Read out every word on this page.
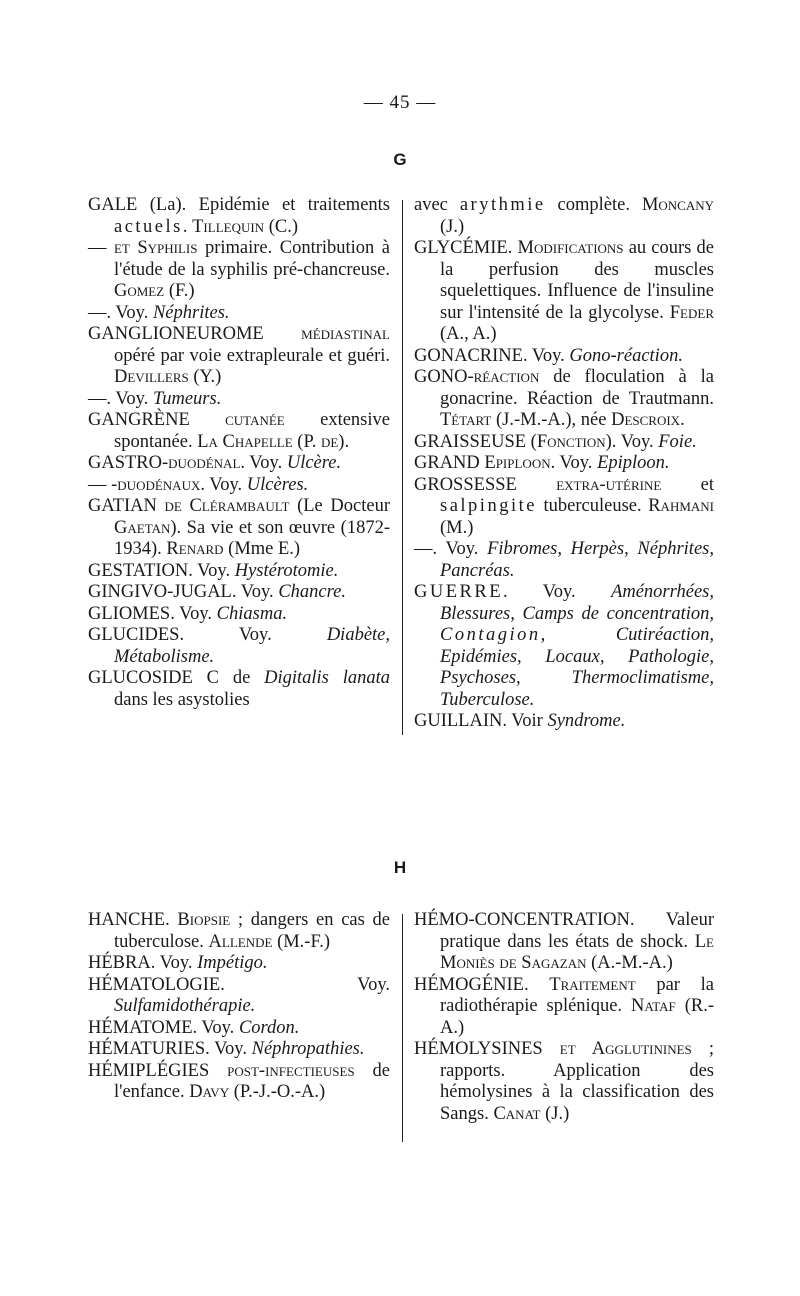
— 45 —
G

GALE (La). Epidémie et traitements actuels. Tillequin (C.)

— et Syphilis primaire. Contribution à l'étude de la syphilis pré-chancreuse. Gomez (F.)

—. Voy. Néphrites.

GANGLIONEUROME médiastinal opéré par voie extrapleurale et guéri. Devillers (Y.)

—. Voy. Tumeurs.

GANGRÈNE cutanée extensive spontanée. La Chapelle (P. de).

GASTRO-duodénal. Voy. Ulcère.

— -duodénaux. Voy. Ulcères.

GATIAN de Clérambault (Le Docteur Gaetan). Sa vie et son œuvre (1872-1934). Renard (Mme E.)

GESTATION. Voy. Hystérotomie.

GINGIVO-JUGAL. Voy. Chancre.

GLIOMES. Voy. Chiasma.

GLUCIDES. Voy. Diabète, Métabolisme.

GLUCOSIDE C de Digitalis lanata dans les asystolies

avec arythmie complète. Moncany (J.)

GLYCÉMIE. Modifications au cours de la perfusion des muscles squelettiques. Influence de l'insuline sur l'intensité de la glycolyse. Feder (A., A.)

GONACRINE. Voy. Gono-réaction.

GONO-réaction de floculation à la gonacrine. Réaction de Trautmann. Tétart (J.-M.-A.), née Descroix.

GRAISSEUSE (Fonction). Voy. Foie.

GRAND Epiploon. Voy. Epiploon.

GROSSESSE extra-utérine et salpingite tuberculeuse. Rahmani (M.)

—. Voy. Fibromes, Herpès, Néphrites, Pancréas.

GUERRE. Voy. Aménorrhées, Blessures, Camps de concentration, Contagion, Cutiréaction, Epidémies, Locaux, Pathologie, Psychoses, Thermoclimatisme, Tuberculose.

GUILLAIN. Voir Syndrome.

H

HANCHE. Biopsie ; dangers en cas de tuberculose. Allende (M.-F.)

HÉBRA. Voy. Impétigo.

HÉMATOLOGIE. Voy. Sulfamidothérapie.

HÉMATOME. Voy. Cordon.

HÉMATURIES. Voy. Néphropathies.

HÉMIPLÉGIES post-infectieuses de l'enfance. Davy (P.-J.-O.-A.)

HÉMO-CONCENTRATION. Valeur pratique dans les états de shock. Le Moniès de Sagazan (A.-M.-A.)

HÉMOGÉNIE. Traitement par la radiothérapie splénique. Nataf (R.-A.)

HÉMOLYSINES et Agglutinines ; rapports. Application des hémolysines à la classification des Sangs. Canat (J.)
